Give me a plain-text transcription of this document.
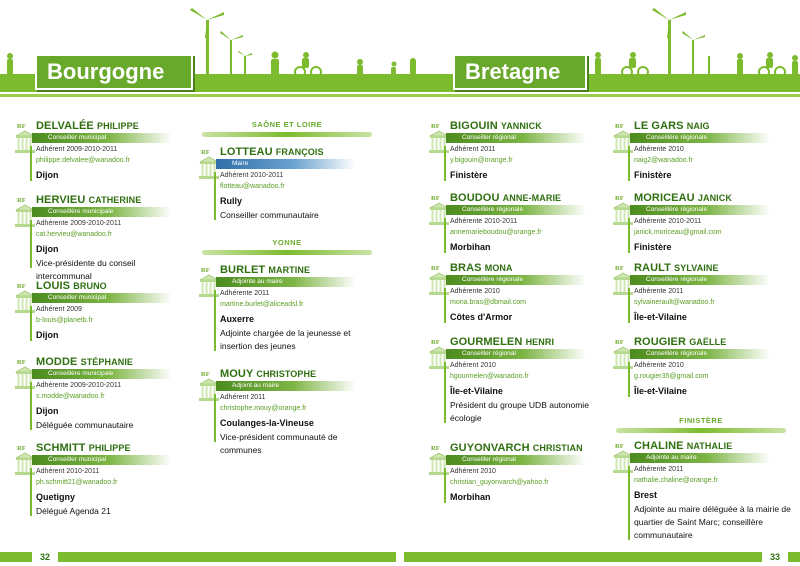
Bourgogne	Bretagne
RF DELVALÉE PHILIPPE
Conseiller municipal
Adhérent 2009-2010-2011
philippe.delvalee@wanadoo.fr
Dijon
RF HERVIEU CATHERINE
Conseillère municipale
Adhérente 2009-2010-2011
cat.hervieu@wanadoo.fr
Dijon
Vice-présidente du conseil intercommunal
RF LOUIS BRUNO
Conseiller municipal
Adhérent 2009
b-louis@planetb.fr
Dijon
RF MODDE STÉPHANIE
Conseillère municipale
Adhérente 2009-2010-2011
s.modde@wanadoo.fr
Dijon
Déléguée communautaire
RF SCHMITT PHILIPPE
Conseiller municipal
Adhérent 2010-2011
ph.schmitt21@wanadoo.fr
Quetigny
Délégué Agenda 21
SAÔNE ET LOIRE
RF LOTTEAU FRANÇOIS
Maire
Adhérent 2010-2011
flotteau@wanadoo.fr
Rully
Conseiller communautaire
YONNE
RF BURLET MARTINE
Adjointe au maire
Adhérente 2011
martine.burlet@aliceadsl.fr
Auxerre
Adjointe chargée de la jeunesse et insertion des jeunes
RF MOUY CHRISTOPHE
Adjoint au maire
Adhérent 2011
christophe.mouy@orange.fr
Coulanges-la-Vineuse
Vice-président communauté de communes
RF BIGOUIN YANNICK
Conseiller régional
Adhérent 2011
y.bigouin@orange.fr
Finistère
RF BOUDOU ANNE-MARIE
Conseillère régionale
Adhérente 2010-2011
annemarieboudou@orange.fr
Morbihan
RF BRAS MONA
Conseillère régionale
Adhérente 2010
mona.bras@dbmail.com
Côtes d'Armor
RF GOURMELEN HENRI
Conseiller régional
Adhérent 2010
hgourmelen@wanadoo.fr
Île-et-Vilaine
Président du groupe UDB autonomie écologie
RF GUYONVARCH CHRISTIAN
Conseiller régional
Adhérent 2010
christian_guyonvarch@yahoo.fr
Morbihan
RF LE GARS NAIG
Conseillère régionale
Adhérente 2010
naig2@wanadoo.fr
Finistère
RF MORICEAU JANICK
Conseillère régionale
Adhérente 2010-2011
janick.moriceau@gmail.com
Finistère
RF RAULT SYLVAINE
Conseillère régionale
Adhérente 2011
sylvainerault@wanadoo.fr
Île-et-Vilaine
RF ROUGIER GAËLLE
Conseillère régionale
Adhérente 2010
g.rougier35@gmail.com
Île-et-Vilaine
FINISTÈRE
RF CHALINE NATHALIE
Adjointe au maire
Adhérente 2011
nathalie.chaline@orange.fr
Brest
Adjointe au maire déléguée à la mairie de quartier de Saint Marc; conseillère communautaire
32	33
